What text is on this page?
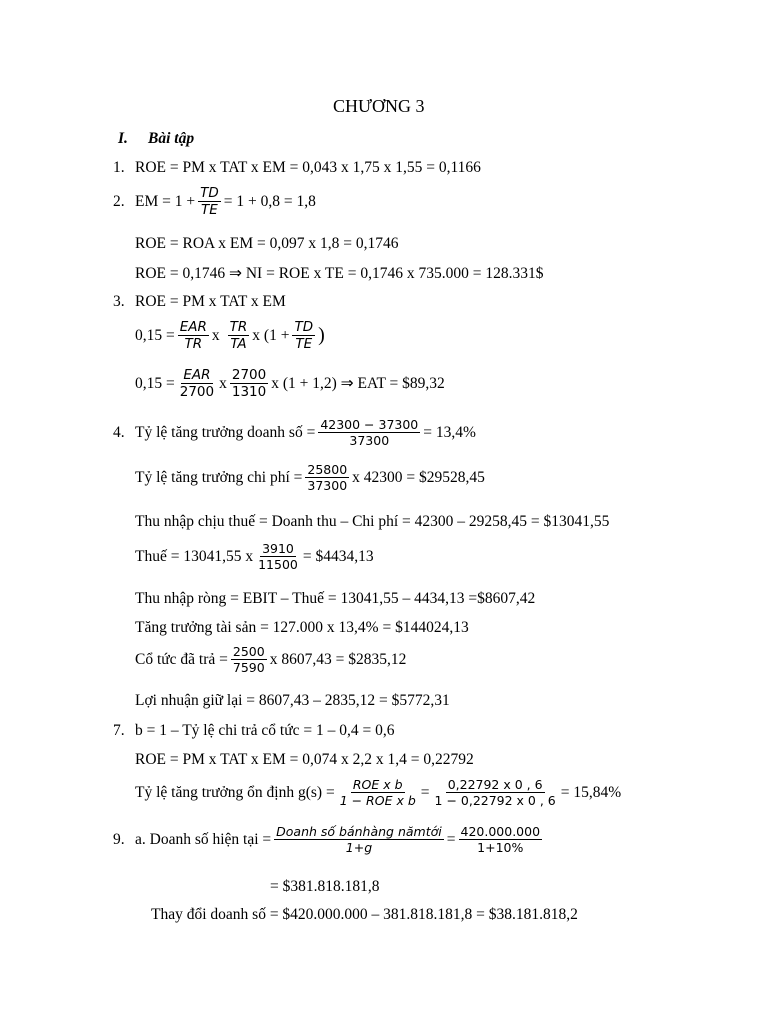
CHƯƠNG 3
I.	Bài tập
1. ROE = PM x TAT x EM = 0,043 x 1,75 x 1,55 = 0,1166
2. EM = $1 + \frac{TD}{TE} = 1 + 0,8 = 1,8$
ROE = ROA x EM = 0,097 x 1,8 = 0,1746
ROE = 0,1746 ⇒ NI = ROE x TE = 0,1746 x 735.000 = 128.331$
3. ROE = PM x TAT x EM
$0,15 = \frac{\text{EAR}}{TR}$ x $\frac{TR}{TA}$ x ($1 + \frac{TD}{TE}$ )
$0,15 = \frac{\text{EAR}}{2700}$ x $\frac{2700}{1310}$ x (1 + 1,2) ⇒ EAT = $89,32
4. Tỷ lệ tăng trưởng doanh số = $\frac{42300 - 37300}{37300} = 13,4\%$
Tỷ lệ tăng trưởng chi phí = $\frac{25800}{37300}$ x 42300 = $29528,45
Thu nhập chịu thuế = Doanh thu – Chi phí = 42300 – 29258,45 = $13041,55
Thuế = 13041,55 x $\frac{3910}{11500}$ = $4434,13
Thu nhập ròng = EBIT – Thuế = 13041,55 – 4434,13 =$8607,42
Tăng trưởng tài sản = 127.000 x 13,4% = $144024,13
Cổ tức đã trả = $\frac{2500}{7590}$ x 8607,43 = $2835,12
Lợi nhuận giữ lại = 8607,43 – 2835,12 = $5772,31
7. b = 1 – Tỷ lệ chi trả cổ tức = 1 – 0,4 = 0,6
ROE = PM x TAT x EM = 0,074 x 2,2 x 1,4 = 0,22792
Tỷ lệ tăng trưởng ổn định $g(s) = \frac{\text{ROE x b}}{\text{1 − ROE x b}} = \frac{0,22792 x 0 , 6}{1 - 0,22792 x 0 , 6} = 15,84\%$
9. a. Doanh số hiện tại = $\frac{\text{Doanh số bánhàng nămtới}}{1+g} = \frac{420.000.000}{1+10\%}$
= $381.818.181,8
Thay đổi doanh số = $420.000.000 – 381.818.181,8 = $38.181.818,2
